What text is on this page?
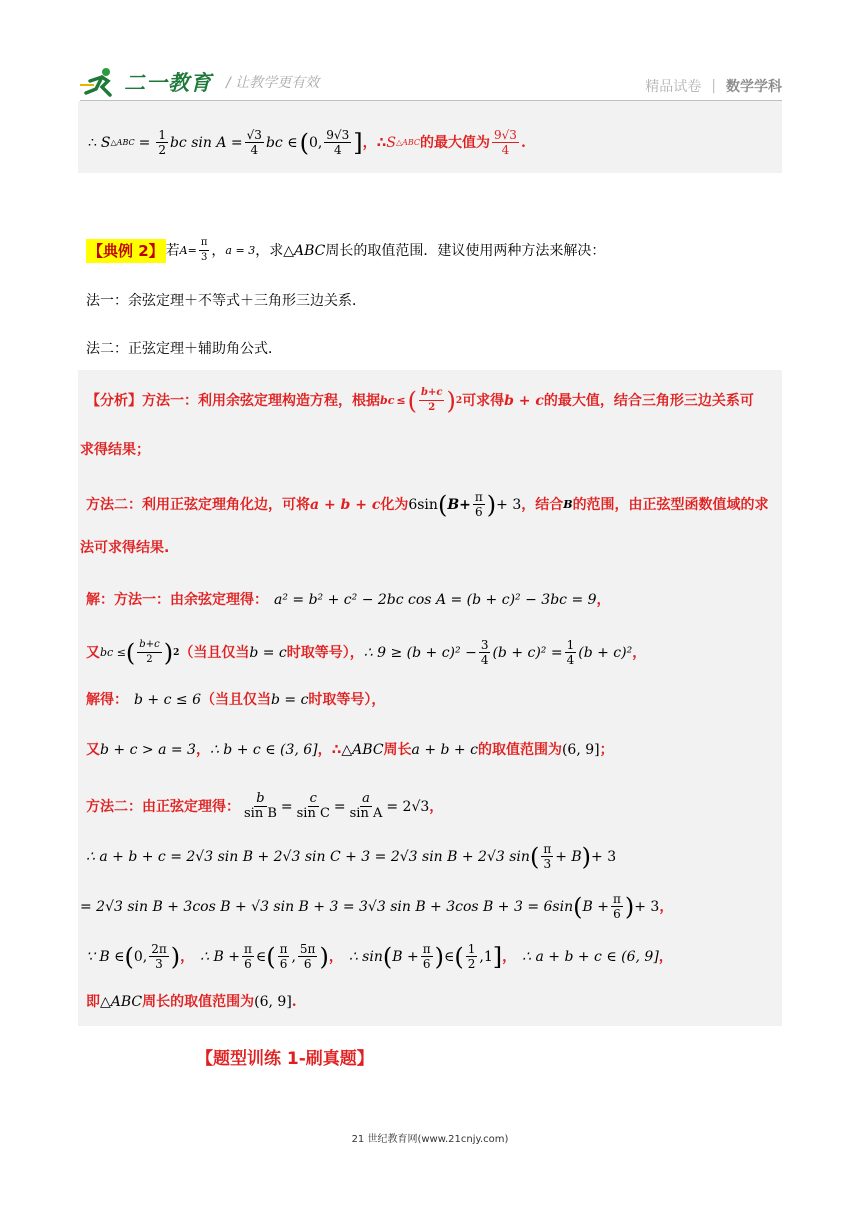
二一教育 / 让教学更有效	精品试卷 | 数学学科
∴ S △ABC = $\frac{1}{2}$ bc $\sin A = \frac{√3}{4}$ bc ∈ ( 0, $\frac{9√3}{4}$ ] ，∴ S △ABC 的最大值为 $\frac{9√3}{4}$ .
【典例 2】 若 $A = \frac{\pi}{3}$ ， a = 3 ，求 △ABC 周长的取值范围．建议使用两种方法来解决：
法一：余弦定理＋不等式＋三角形三边关系．
法二：正弦定理＋辅助角公式．
【分析】方法一：利用余弦定理构造方程，根据 bc ≤ ( $\frac{b+c}{2}$ ) 2 可求得 b + c 的最大值，结合三角形三边关系可
求得结果；
方法二：利用正弦定理角化边，可将 a + b + c 化为 6sin ( $B + \frac{\pi}{6}$ ) + 3 ，结合 B 的范围，由正弦型函数值域的求
法可求得结果.
解：方法一：由余弦定理得： a² = b² + c² − 2bc cos A = (b + c)² − 3bc = 9 ，
又 bc ≤ ( $\frac{b+c}{2}$ ) 2 （当且仅当 b = c 时取等号）， ∴ $9 \ge (b + c)^2 - \frac{3}{4} (b + c)^2 = \frac{1}{4} (b + c)^2$ ，
解得： b + c ≤ 6 （当且仅当 b = c 时取等号），
又 b + c > a = 3 ， ∴ b + c ∈ (3, 6] ，∴ △ABC 周长 a + b + c 的取值范围为 (6, 9] ；
方法二：由正弦定理得： $\frac{b}{\text{sin B}} = \frac{c}{\text{sin C}} = \frac{a}{\text{sin A}} = 2√3$ ，
∴ a + b + c = 2√3 sin B + 2√3 sin C + 3 = 2√3 sin B + 2√3 sin ( $\frac{\pi}{3} + B$ ) + 3
= 2√3 sin B + 3cos B + √3 sin B + 3 = 3√3 sin B + 3cos B + 3 = 6sin ( $B + \frac{\pi}{6}$ ) + 3 ，
∵ B ∈ ( 0, $\frac{2\pi}{3}$ ) ， ∴ $B + \frac{\pi}{6}$ ∈ ( $\frac{\pi}{6}$ , $\frac{5\pi}{6}$ ) ， ∴ sin ( $B + \frac{\pi}{6}$ ) ∈ ( $\frac{1}{2} ,1$ ] ， ∴ a + b + c ∈ (6, 9] ，
即 △ABC 周长的取值范围为 (6, 9] .
【题型训练 1-刷真题】
21 世纪教育网(www.21cnjy.com)
